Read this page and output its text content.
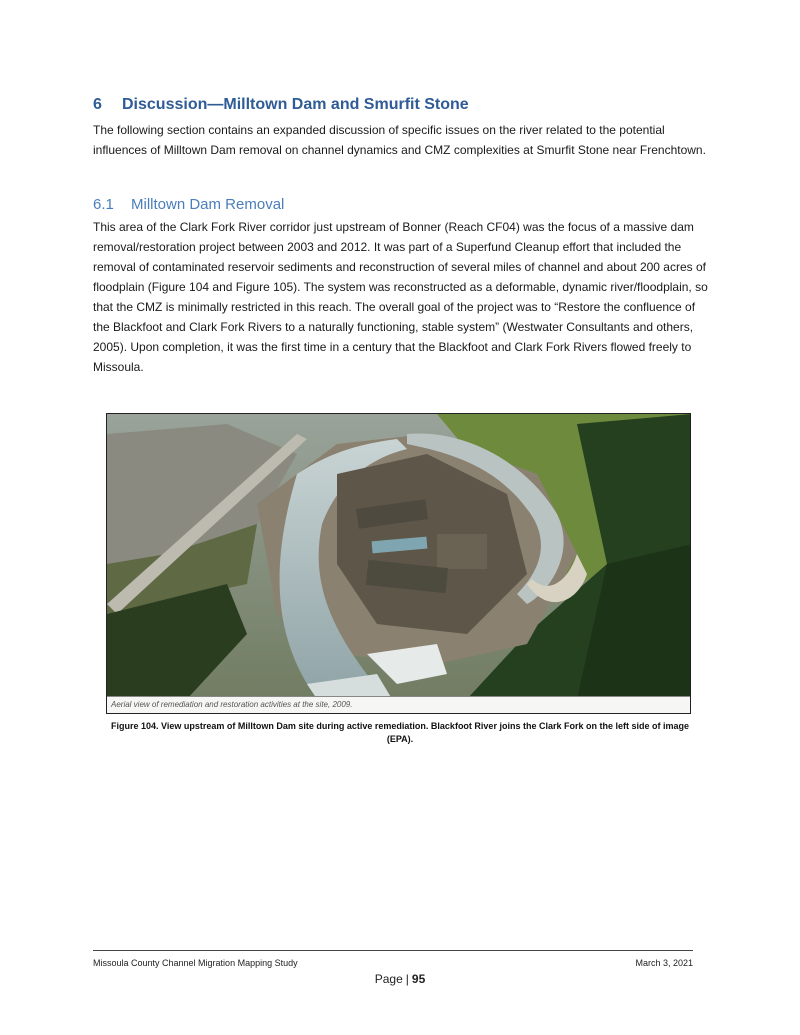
6 Discussion—Milltown Dam and Smurfit Stone
The following section contains an expanded discussion of specific issues on the river related to the potential influences of Milltown Dam removal on channel dynamics and CMZ complexities at Smurfit Stone near Frenchtown.
6.1 Milltown Dam Removal
This area of the Clark Fork River corridor just upstream of Bonner (Reach CF04) was the focus of a massive dam removal/restoration project between 2003 and 2012. It was part of a Superfund Cleanup effort that included the removal of contaminated reservoir sediments and reconstruction of several miles of channel and about 200 acres of floodplain (Figure 104 and Figure 105). The system was reconstructed as a deformable, dynamic river/floodplain, so that the CMZ is minimally restricted in this reach. The overall goal of the project was to “Restore the confluence of the Blackfoot and Clark Fork Rivers to a naturally functioning, stable system” (Westwater Consultants and others, 2005). Upon completion, it was the first time in a century that the Blackfoot and Clark Fork Rivers flowed freely to Missoula.
Aerial view of remediation and restoration activities at the site, 2009.
Figure 104. View upstream of Milltown Dam site during active remediation. Blackfoot River joins the Clark Fork on the left side of image (EPA).
Missoula County Channel Migration Mapping Study	March 3, 2021
Page | 95
